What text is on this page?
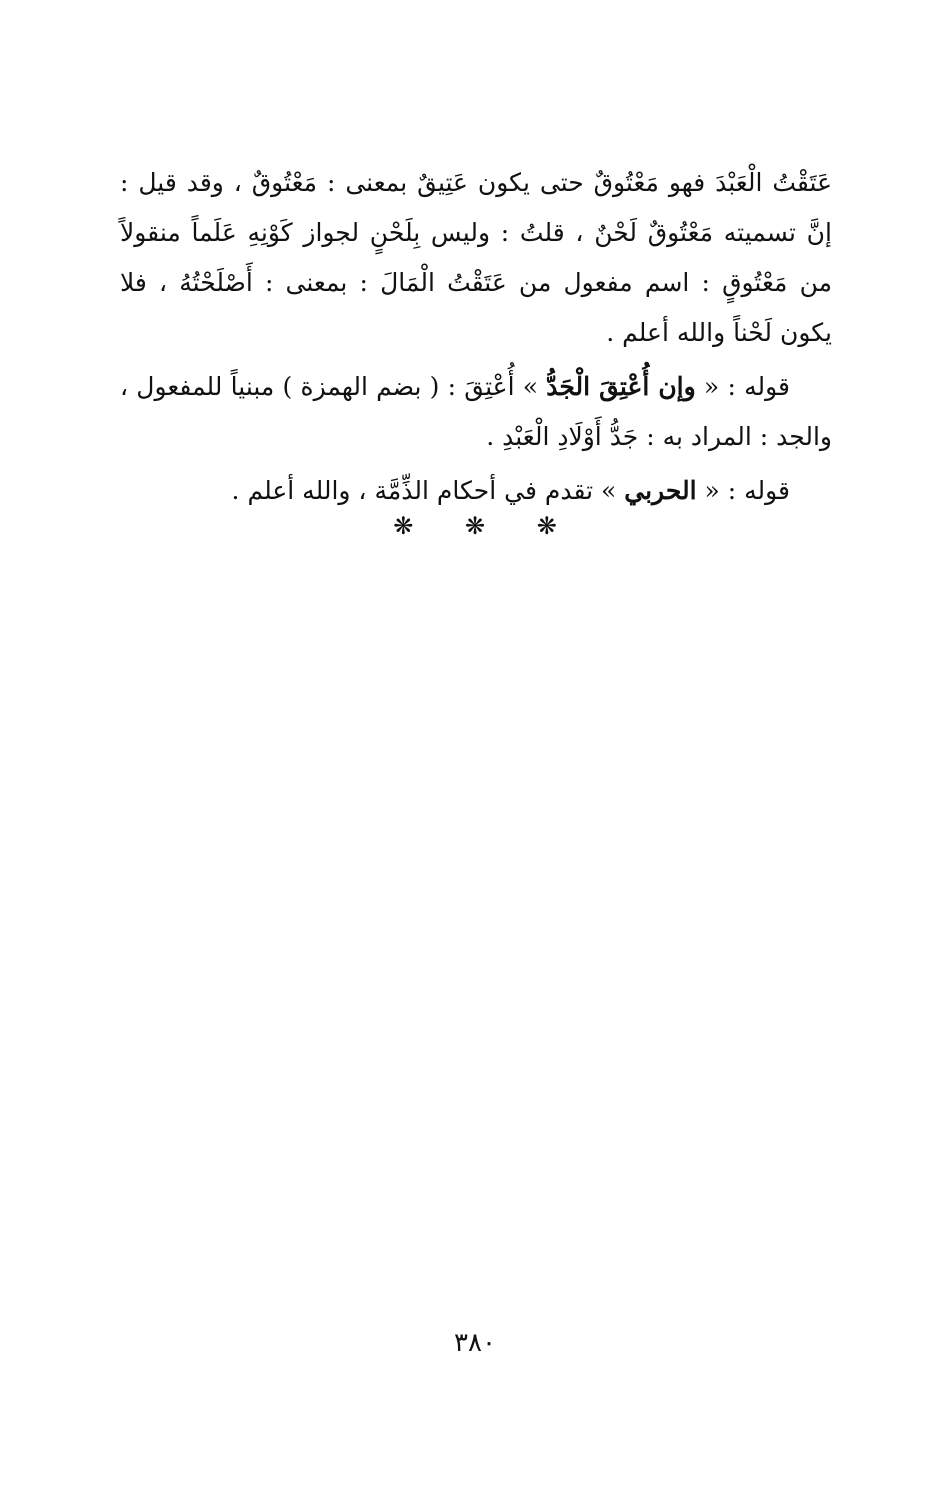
عَتَقْتُ الْعَبْدَ فهو مَعْتُوقٌ حتى يكون عَتِيقٌ بمعنى : مَعْتُوقٌ ، وقد قيل : إنَّ تسميته مَعْتُوقٌ لَحْنٌ ، قلتُ : وليس بِلَحْنٍ لجواز كَوْنِهِ عَلَماً منقولاً من مَعْتُوقٍ : اسم مفعول من عَتَقْتُ الْمَالَ : بمعنى : أَصْلَحْتُهُ ، فلا يكون لَحْناً والله أعلم .

قوله : « وإن أُعْتِقَ الْجَدُّ » أُعْتِقَ : ( بضم الهمزة ) مبنياً للمفعول ، والجد : المراد به : جَدُّ أَوْلَادِ الْعَبْدِ .

قوله : « الحربي » تقدم في أحكام الذِّمَّة ، والله أعلم .

❋ ❋ ❋
٣٨٠
